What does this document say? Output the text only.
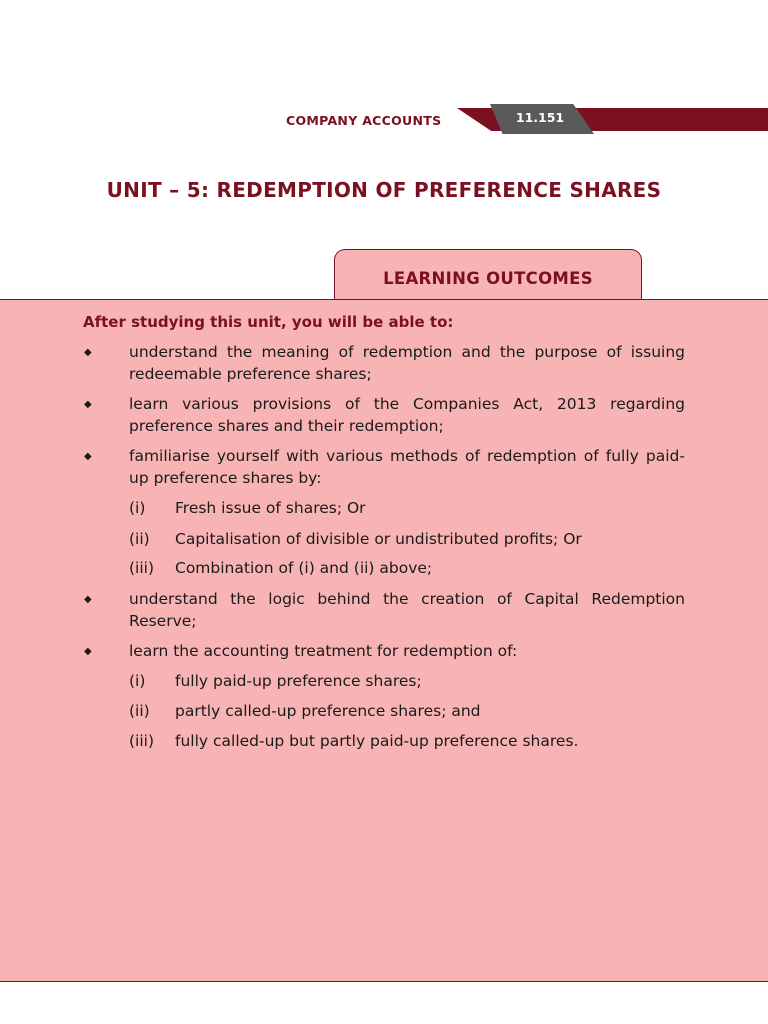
COMPANY ACCOUNTS	11.151
UNIT – 5: REDEMPTION OF PREFERENCE SHARES
LEARNING OUTCOMES
After studying this unit, you will be able to:
◆ understand the meaning of redemption and the purpose of issuing redeemable preference shares;
◆ learn various provisions of the Companies Act, 2013 regarding preference shares and their redemption;
◆ familiarise yourself with various methods of redemption of fully paid-up preference shares by:
(i) Fresh issue of shares; Or
(ii) Capitalisation of divisible or undistributed profits; Or
(iii) Combination of (i) and (ii) above;
◆ understand the logic behind the creation of Capital Redemption Reserve;
◆ learn the accounting treatment for redemption of:
(i) fully paid-up preference shares;
(ii) partly called-up preference shares; and
(iii) fully called-up but partly paid-up preference shares.
